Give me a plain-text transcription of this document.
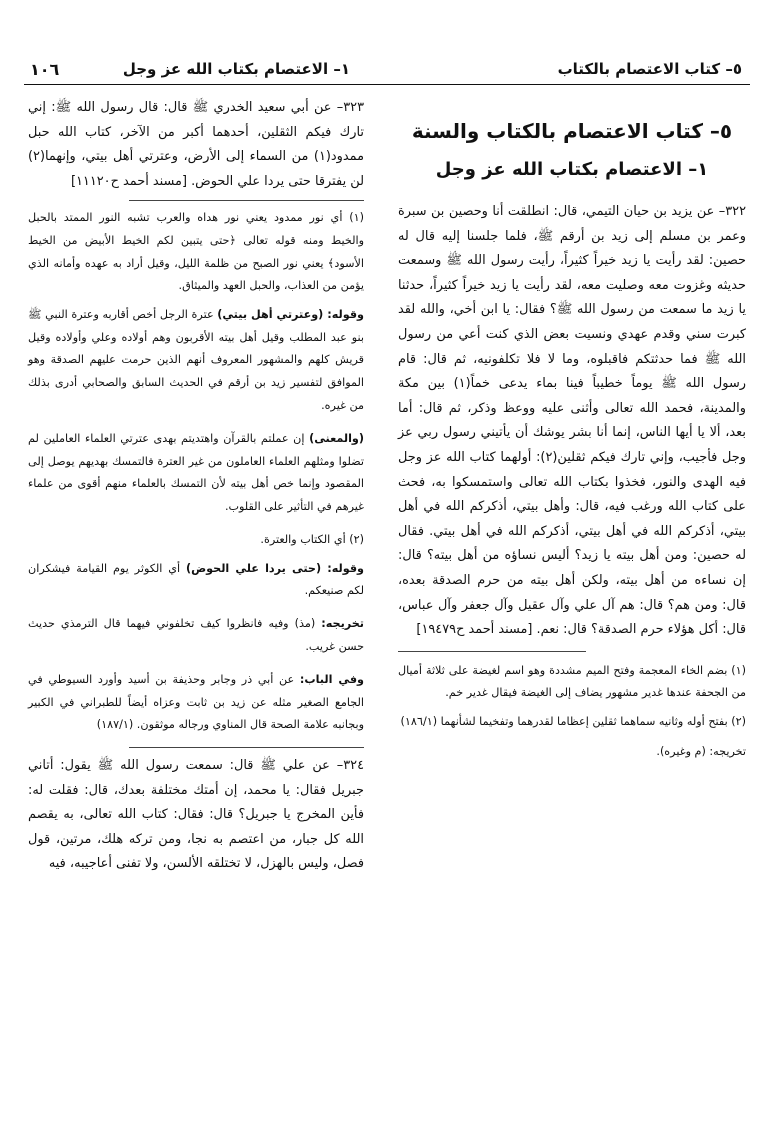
٥– كتاب الاعتصام بالكتاب
١– الاعتصام بكتاب الله عز وجل
١٠٦

٥– كتاب الاعتصام بالكتاب والسنة

١– الاعتصام بكتاب الله عز وجل

٣٢٢– عن يزيد بن حيان التيمي، قال: انطلقت أنا وحصين بن سبرة وعمر بن مسلم إلى زيد بن أرقم ﷺ، فلما جلسنا إليه قال له حصين: لقد رأيت يا زيد خيراً كثيراً، رأيت رسول الله ﷺ وسمعت حديثه وغزوت معه وصليت معه، لقد رأيت يا زيد خيراً كثيراً، حدثنا يا زيد ما سمعت من رسول الله ﷺ؟ فقال: يا ابن أخي، والله لقد كبرت سني وقدم عهدي ونسيت بعض الذي كنت أعي من رسول الله ﷺ فما حدثتكم فاقبلوه، وما لا فلا تكلفونيه، ثم قال: قام رسول الله ﷺ يوماً خطيباً فينا بماء يدعى خماً(١) بين مكة والمدينة، فحمد الله تعالى وأثنى عليه ووعظ وذكر، ثم قال: أما بعد، ألا يا أيها الناس، إنما أنا بشر يوشك أن يأتيني رسول ربي عز وجل فأجيب، وإني تارك فيكم ثقلين(٢): أولهما كتاب الله عز وجل فيه الهدى والنور، فخذوا بكتاب الله تعالى واستمسكوا به، فحث على كتاب الله ورغب فيه، قال: وأهل بيتي، أذكركم الله في أهل بيتي، أذكركم الله في أهل بيتي، أذكركم الله في أهل بيتي. فقال له حصين: ومن أهل بيته يا زيد؟ أليس نساؤه من أهل بيته؟ قال: إن نساءه من أهل بيته، ولكن أهل بيته من حرم الصدقة بعده، قال: ومن هم؟ قال: هم آل علي وآل عقيل وآل جعفر وآل عباس، قال: أكل هؤلاء حرم الصدقة؟ قال: نعم. [مسند أحمد ح١٩٤٧٩]

(١) بضم الخاء المعجمة وفتح الميم مشددة وهو اسم لغيضة على ثلاثة أميال من الجحفة عندها غدير مشهور يضاف إلى الغيضة فيقال غدير خم.

(٢) بفتح أوله وثانيه سماهما ثقلين إعظاما لقدرهما وتفخيما لشأنهما (١٨٦/١)

تخريجه: (م وغيره).

٣٢٣– عن أبي سعيد الخدري ﷺ قال: قال رسول الله ﷺ: إني تارك فيكم الثقلين، أحدهما أكبر من الآخر، كتاب الله حبل ممدود(١) من السماء إلى الأرض، وعترتي أهل بيتي، وإنهما(٢) لن يفترقا حتى يردا علي الحوض. [مسند أحمد ح١١١٢٠]

(١) أي نور ممدود يعني نور هداه والعرب تشبه النور الممتد بالحبل والخيط ومنه قوله تعالى ﴿حتى يتبين لكم الخيط الأبيض من الخيط الأسود﴾ يعني نور الصبح من ظلمة الليل، وقيل أراد به عهده وأمانه الذي يؤمن من العذاب، والحبل العهد والميثاق.

وقوله: (وعترتي أهل بيتي) عترة الرجل أخص أقاربه وعترة النبي ﷺ بنو عبد المطلب وقيل أهل بيته الأقربون وهم أولاده وعلي وأولاده وقيل قريش كلهم والمشهور المعروف أنهم الذين حرمت عليهم الصدقة وهو الموافق لتفسير زيد بن أرقم في الحديث السابق والصحابي أدرى بذلك من غيره.

(والمعنى) إن عملتم بالقرآن واهتديتم بهدى عترتي العلماء العاملين لم تضلوا ومثلهم العلماء العاملون من غير العترة فالتمسك بهديهم يوصل إلى المقصود وإنما خص أهل بيته لأن التمسك بالعلماء منهم أقوى من علماء غيرهم في التأثير على القلوب.

(٢) أي الكتاب والعترة.

وقوله: (حتى يردا علي الحوض) أي الكوثر يوم القيامة فيشكران لكم صنيعكم.

تخريجه: (مذ) وفيه فانظروا كيف تخلفوني فيهما قال الترمذي حديث حسن غريب.

وفي الباب: عن أبي ذر وجابر وحذيفة بن أسيد وأورد السيوطي في الجامع الصغير مثله عن زيد بن ثابت وعزاه أيضاً للطبراني في الكبير وبجانبه علامة الصحة قال المناوي ورجاله موثقون. (١٨٧/١)

٣٢٤– عن علي ﷺ قال: سمعت رسول الله ﷺ يقول: أتاني جبريل فقال: يا محمد، إن أمتك مختلفة بعدك، قال: فقلت له: فأين المخرج يا جبريل؟ قال: فقال: كتاب الله تعالى، به يقصم الله كل جبار، من اعتصم به نجا، ومن تركه هلك، مرتين، قول فصل، وليس بالهزل، لا تختلقه الألسن، ولا تفنى أعاجيبه، فيه
